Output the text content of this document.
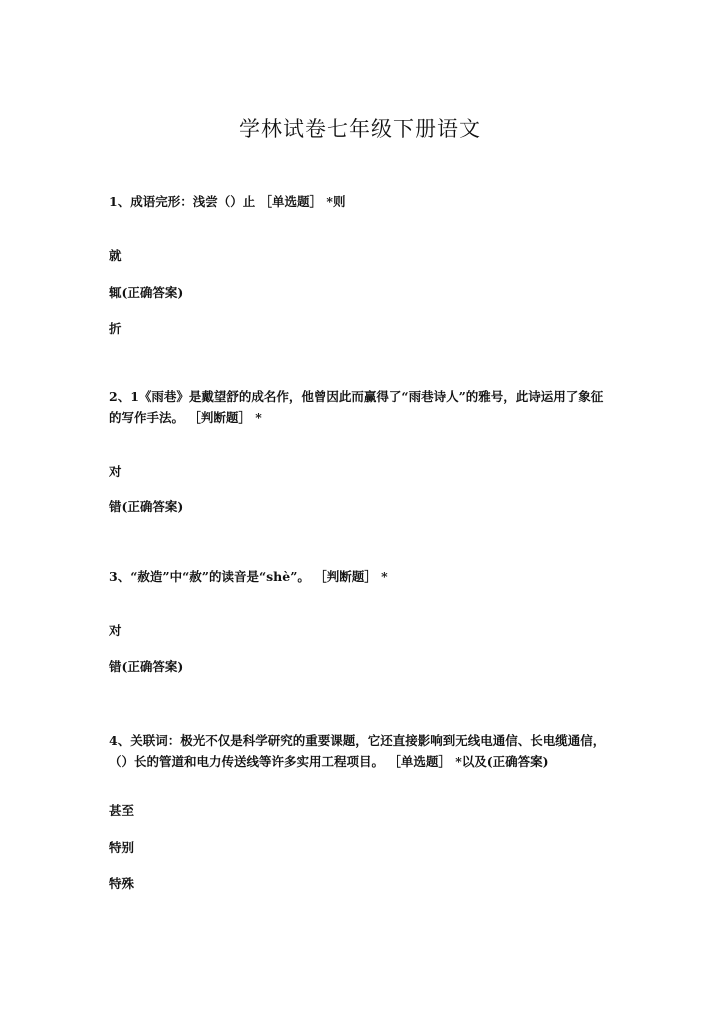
学林试卷七年级下册语文
1、成语完形：浅尝（）止 ［单选题］ *则
就
辄(正确答案)
折
2、1《雨巷》是戴望舒的成名作，他曾因此而赢得了“雨巷诗人”的雅号，此诗运用了象征
的写作手法。 ［判断题］ *
对
错(正确答案)
3、“赦造”中“赦”的读音是“shè”。 ［判断题］ *
对
错(正确答案)
4、关联词：极光不仅是科学研究的重要课题，它还直接影响到无线电通信、长电缆通信，
（）长的管道和电力传送线等许多实用工程项目。 ［单选题］ *以及(正确答案)
甚至
特别
特殊
